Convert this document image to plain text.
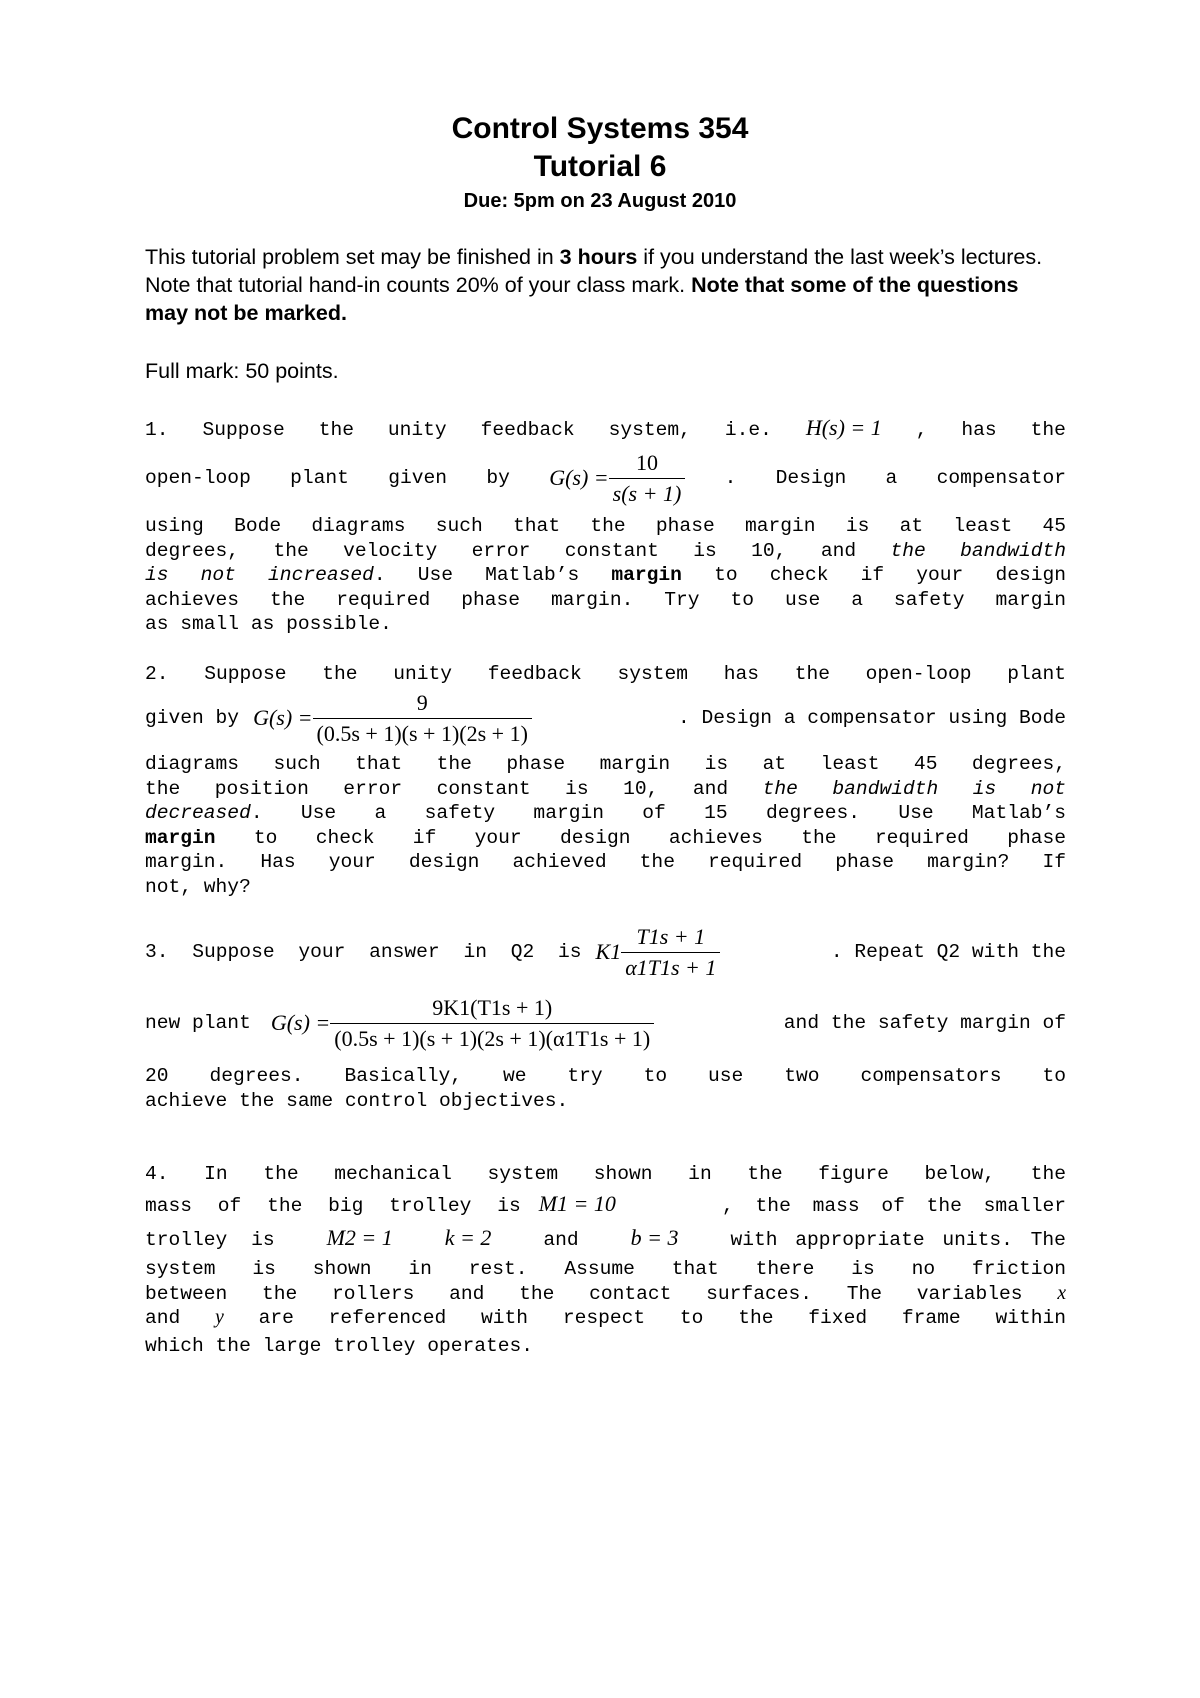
Control Systems 354
Tutorial 6
Due: 5pm on 23 August 2010
This tutorial problem set may be finished in 3 hours if you understand the last week’s lectures. Note that tutorial hand-in counts 20% of your class mark. Note that some of the questions may not be marked.
Full mark: 50 points.
1. Suppose the unity feedback system, i.e. H(s) = 1 , has the
open-loop plant given by $G(s) = \frac{10}{s(s + 1)}$ . Design a compensator
using Bode diagrams such that the phase margin is at least 45
degrees, the velocity error constant is 10, and the bandwidth
is not increased. Use Matlab’s margin to check if your design
achieves the required phase margin. Try to use a safety margin
as small as possible.
2. Suppose the unity feedback system has the open-loop plant
given by $G(s) = \frac{9}{(0.5s + 1)(s + 1)(2s + 1)}$	. Design a compensator using Bode
diagrams such that the phase margin is at least 45 degrees,
the position error constant is 10, and the bandwidth is not
decreased. Use a safety margin of 15 degrees. Use Matlab’s
margin to check if your design achieves the required phase
margin. Has your design achieved the required phase margin? If
not, why?
3. Suppose your answer in Q2 is $K1 \frac{T1s + 1}{\alpha 1T1s + 1}$	. Repeat Q2 with the
new plant $G(s) = \frac{9K1(T1s + 1)}{(0.5s + 1)(s + 1)(2s + 1)(\alpha 1T1s + 1)}$	and the safety margin of
20 degrees. Basically, we try to use two compensators to
achieve the same control objectives.
4. In the mechanical system shown in the figure below, the
mass of the big trolley is M1 = 10	, the mass of the smaller
trolley is M2 = 1 k = 2	and b = 3	with appropriate units. The
system is shown in rest. Assume that there is no friction
between the rollers and the contact surfaces. The variables x
and y are referenced with respect to the fixed frame within
which the large trolley operates.
